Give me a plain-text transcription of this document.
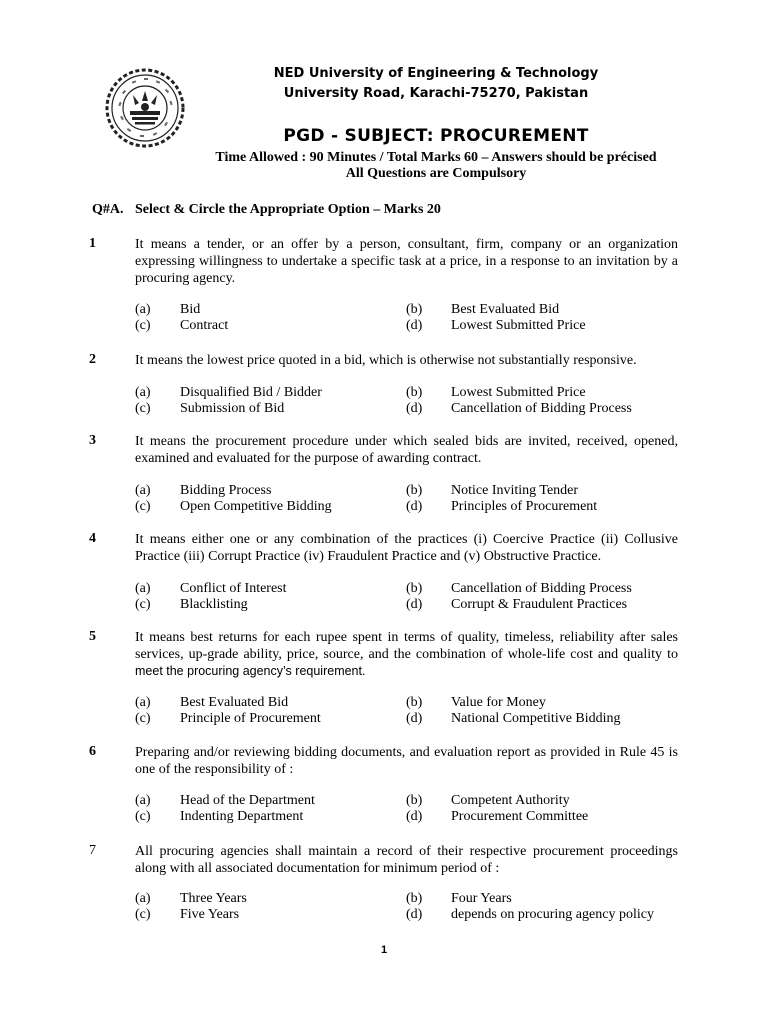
NED University of Engineering & Technology
University Road, Karachi-75270, Pakistan
PGD - SUBJECT: PROCUREMENT
Time Allowed : 90 Minutes / Total Marks 60 – Answers should be précised
All Questions are Compulsory
Q#A. Select & Circle the Appropriate Option – Marks 20
1	It means a tender, or an offer by a person, consultant, firm, company or an organization expressing willingness to undertake a specific task at a price, in a response to an invitation by a procuring agency.
(a) Bid	(b) Best Evaluated Bid
(c) Contract	(d) Lowest Submitted Price
2	It means the lowest price quoted in a bid, which is otherwise not substantially responsive.
(a) Disqualified Bid / Bidder	(b) Lowest Submitted Price
(c) Submission of Bid	(d) Cancellation of Bidding Process
3	It means the procurement procedure under which sealed bids are invited, received, opened, examined and evaluated for the purpose of awarding contract.
(a) Bidding Process	(b) Notice Inviting Tender
(c) Open Competitive Bidding	(d) Principles of Procurement
4	It means either one or any combination of the practices (i) Coercive Practice (ii) Collusive Practice (iii) Corrupt Practice (iv) Fraudulent Practice and (v) Obstructive Practice.
(a) Conflict of Interest	(b) Cancellation of Bidding Process
(c) Blacklisting	(d) Corrupt & Fraudulent Practices
5	It means best returns for each rupee spent in terms of quality, timeless, reliability after sales services, up-grade ability, price, source, and the combination of whole-life cost and quality to meet the procuring agency’s requirement.
(a) Best Evaluated Bid	(b) Value for Money
(c) Principle of Procurement	(d) National Competitive Bidding
6	Preparing and/or reviewing bidding documents, and evaluation report as provided in Rule 45 is one of the responsibility of :
(a) Head of the Department	(b) Competent Authority
(c) Indenting Department	(d) Procurement Committee
7	All procuring agencies shall maintain a record of their respective procurement proceedings along with all associated documentation for minimum period of :
(a) Three Years	(b) Four Years
(c) Five Years	(d) depends on procuring agency policy
1
